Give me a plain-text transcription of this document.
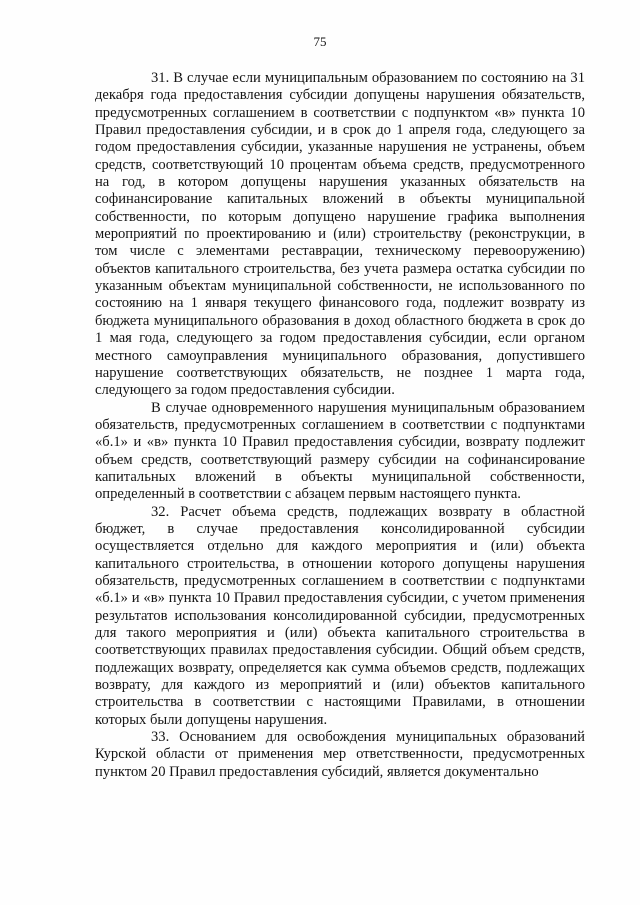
75

31. В случае если муниципальным образованием по состоянию на 31 декабря года предоставления субсидии допущены нарушения обязательств, предусмотренных соглашением в соответствии с подпунктом «в» пункта 10 Правил предоставления субсидии, и в срок до 1 апреля года, следующего за годом предоставления субсидии, указанные нарушения не устранены, объем средств, соответствующий 10 процентам объема средств, предусмотренного на год, в котором допущены нарушения указанных обязательств на софинансирование капитальных вложений в объекты муниципальной собственности, по которым допущено нарушение графика выполнения мероприятий по проектированию и (или) строительству (реконструкции, в том числе с элементами реставрации, техническому перевооружению) объектов капитального строительства, без учета размера остатка субсидии по указанным объектам муниципальной собственности, не использованного по состоянию на 1 января текущего финансового года, подлежит возврату из бюджета муниципального образования в доход областного бюджета в срок до 1 мая года, следующего за годом предоставления субсидии, если органом местного самоуправления муниципального образования, допустившего нарушение соответствующих обязательств, не позднее 1 марта года, следующего за годом предоставления субсидии.

В случае одновременного нарушения муниципальным образованием обязательств, предусмотренных соглашением в соответствии с подпунктами «б.1» и «в» пункта 10 Правил предоставления субсидии, возврату подлежит объем средств, соответствующий размеру субсидии на софинансирование капитальных вложений в объекты муниципальной собственности, определенный в соответствии с абзацем первым настоящего пункта.

32. Расчет объема средств, подлежащих возврату в областной бюджет, в случае предоставления консолидированной субсидии осуществляется отдельно для каждого мероприятия и (или) объекта капитального строительства, в отношении которого допущены нарушения обязательств, предусмотренных соглашением в соответствии с подпунктами «б.1» и «в» пункта 10 Правил предоставления субсидии, с учетом применения результатов использования консолидированной субсидии, предусмотренных для такого мероприятия и (или) объекта капитального строительства в соответствующих правилах предоставления субсидии. Общий объем средств, подлежащих возврату, определяется как сумма объемов средств, подлежащих возврату, для каждого из мероприятий и (или) объектов капитального строительства в соответствии с настоящими Правилами, в отношении которых были допущены нарушения.

33. Основанием для освобождения муниципальных образований Курской области от применения мер ответственности, предусмотренных пунктом 20 Правил предоставления субсидий, является документально
